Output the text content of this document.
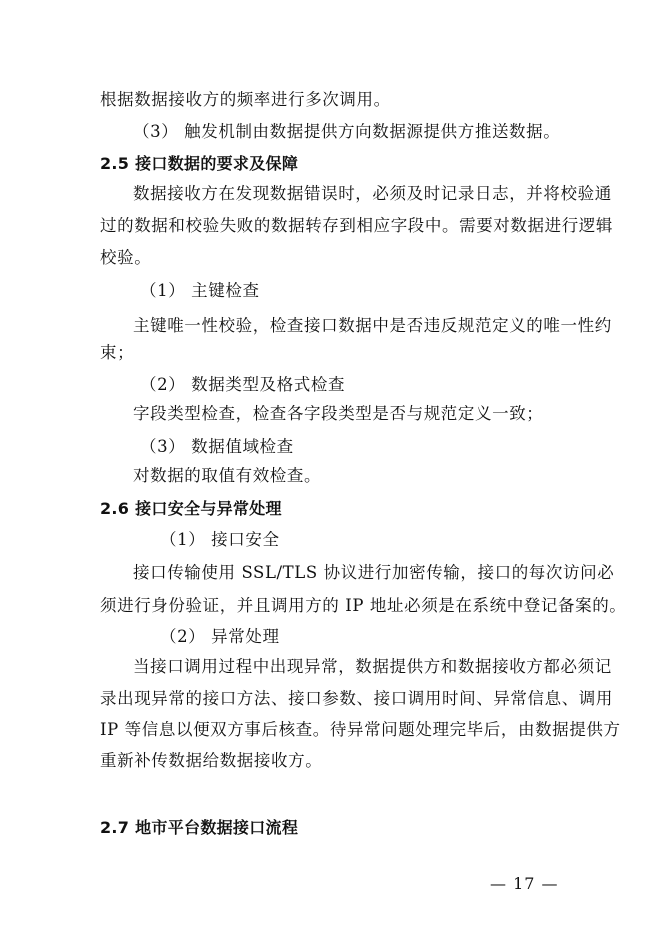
根据数据接收方的频率进行多次调用。
（3） 触发机制由数据提供方向数据源提供方推送数据。
2.5 接口数据的要求及保障
数据接收方在发现数据错误时，必须及时记录日志，并将校验通
过的数据和校验失败的数据转存到相应字段中。需要对数据进行逻辑
校验。
（1） 主键检查
主键唯一性校验，检查接口数据中是否违反规范定义的唯一性约
束；
（2） 数据类型及格式检查
字段类型检查，检查各字段类型是否与规范定义一致；
（3） 数据值域检查
对数据的取值有效检查。
2.6 接口安全与异常处理
（1） 接口安全
接口传输使用 SSL/TLS 协议进行加密传输，接口的每次访问必
须进行身份验证，并且调用方的 IP 地址必须是在系统中登记备案的。
（2） 异常处理
当接口调用过程中出现异常，数据提供方和数据接收方都必须记
录出现异常的接口方法、接口参数、接口调用时间、异常信息、调用
IP 等信息以便双方事后核查。待异常问题处理完毕后，由数据提供方
重新补传数据给数据接收方。
2.7 地市平台数据接口流程
— 17 —
